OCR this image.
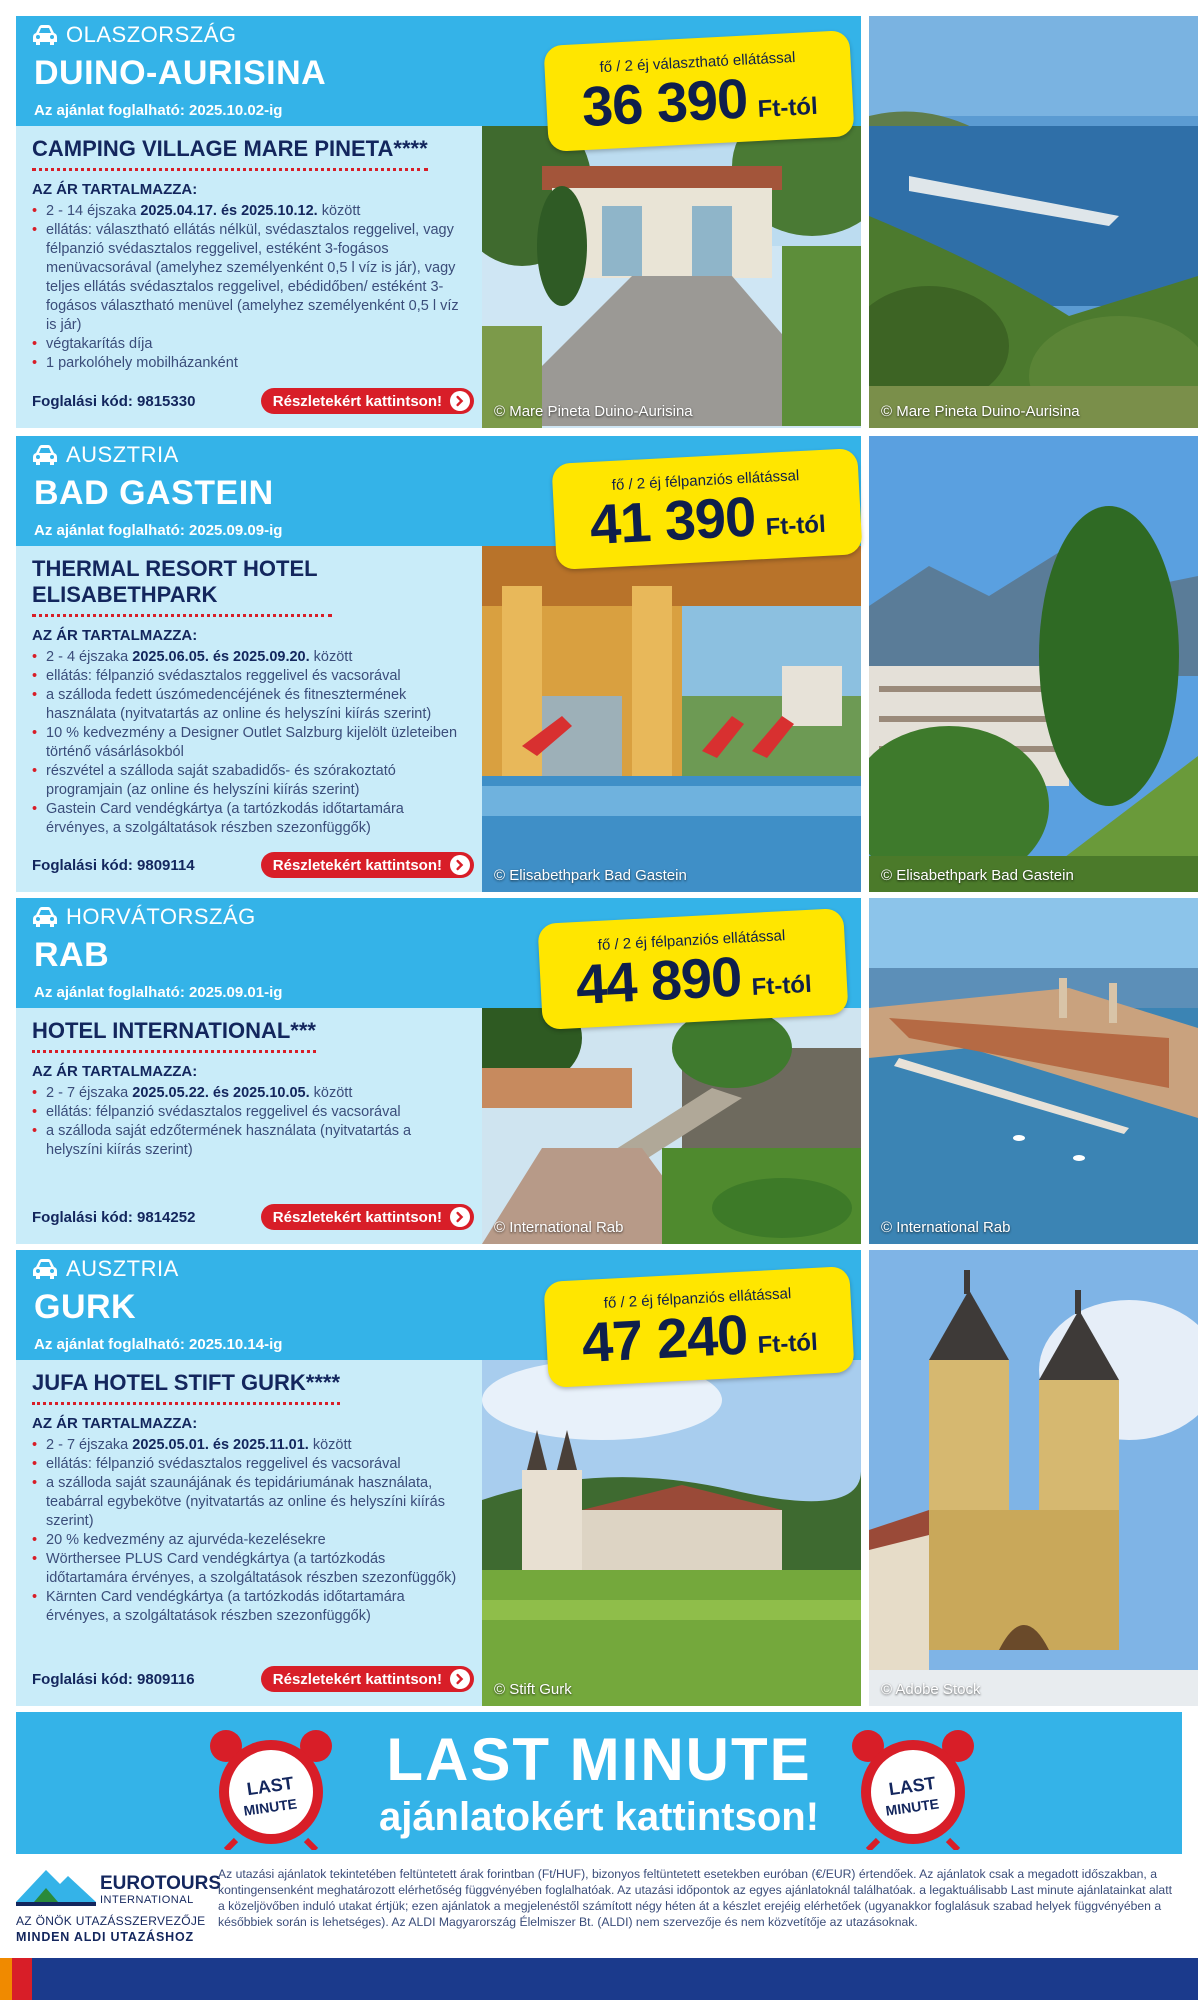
OLASZORSZÁG
DUINO-AURISINA
Az ajánlat foglalható: 2025.10.02-ig
CAMPING VILLAGE MARE PINETA****
AZ ÁR TARTALMAZZA:
• 2 - 14 éjszaka 2025.04.17. és 2025.10.12. között
• ellátás: választható ellátás nélkül, svédasztalos reggelivel, vagy félpanzió svédasztalos reggelivel, estéként 3-fogásos menüvacsorával (amelyhez személyenként 0,5 l víz is jár), vagy teljes ellátás svédasztalos reggelivel, ebédidőben/ estéként 3-fogásos választható menüvel (amelyhez személyenként 0,5 l víz is jár)
• végtakarítás díja
• 1 parkolóhely mobilházanként
Foglalási kód: 9815330	Részletekért kattintson!
© Mare Pineta Duino-Aurisina	© Mare Pineta Duino-Aurisina
fő / 2 éj választható ellátással
36 390 Ft-tól
AUSZTRIA
BAD GASTEIN
Az ajánlat foglalható: 2025.09.09-ig
THERMAL RESORT HOTEL ELISABETHPARK
AZ ÁR TARTALMAZZA:
• 2 - 4 éjszaka 2025.06.05. és 2025.09.20. között
• ellátás: félpanzió svédasztalos reggelivel és vacsorával
• a szálloda fedett úszómedencéjének és fitnesztermének használata (nyitvatartás az online és helyszíni kiírás szerint)
• 10 % kedvezmény a Designer Outlet Salzburg kijelölt üzleteiben történő vásárlásokból
• részvétel a szálloda saját szabadidős- és szórakoztató programjain (az online és helyszíni kiírás szerint)
• Gastein Card vendégkártya (a tartózkodás időtartamára érvényes, a szolgáltatások részben szezonfüggők)
Foglalási kód: 9809114	Részletekért kattintson!
© Elisabethpark Bad Gastein	© Elisabethpark Bad Gastein
fő / 2 éj félpanziós ellátással
41 390 Ft-tól
HORVÁTORSZÁG
RAB
Az ajánlat foglalható: 2025.09.01-ig
HOTEL INTERNATIONAL***
AZ ÁR TARTALMAZZA:
• 2 - 7 éjszaka 2025.05.22. és 2025.10.05. között
• ellátás: félpanzió svédasztalos reggelivel és vacsorával
• a szálloda saját edzőtermének használata (nyitvatartás a helyszíni kiírás szerint)
Foglalási kód: 9814252	Részletekért kattintson!
© International Rab	© International Rab
fő / 2 éj félpanziós ellátással
44 890 Ft-tól
AUSZTRIA
GURK
Az ajánlat foglalható: 2025.10.14-ig
JUFA HOTEL STIFT GURK****
AZ ÁR TARTALMAZZA:
• 2 - 7 éjszaka 2025.05.01. és 2025.11.01. között
• ellátás: félpanzió svédasztalos reggelivel és vacsorával
• a szálloda saját szaunájának és tepidáriumának használata, teabárral egybekötve (nyitvatartás az online és helyszíni kiírás szerint)
• 20 % kedvezmény az ajurvéda-kezelésekre
• Wörthersee PLUS Card vendégkártya (a tartózkodás időtartamára érvényes, a szolgáltatások részben szezonfüggők)
• Kärnten Card vendégkártya (a tartózkodás időtartamára érvényes, a szolgáltatások részben szezonfüggők)
Foglalási kód: 9809116	Részletekért kattintson!
© Stift Gurk	© Adobe Stock
fő / 2 éj félpanziós ellátással
47 240 Ft-tól
LAST
MINUTE
LAST MINUTE
ajánlatokért kattintson!
LAST
MINUTE
EUROTOURS
INTERNATIONAL
AZ ÖNÖK UTAZÁSSZERVEZŐJE
MINDEN ALDI UTAZÁSHOZ
Az utazási ajánlatok tekintetében feltüntetett árak forintban (Ft/HUF), bizonyos feltüntetett esetekben euróban (€/EUR) értendőek. Az ajánlatok csak a megadott időszakban, a kontingensenként meghatározott elérhetőség függvényében foglalhatóak. Az utazási időpontok az egyes ajánlatoknál találhatóak. a legaktuálisabb Last minute ajánlatainkat alatt a közeljövőben induló utakat értjük; ezen ajánlatok a megjelenéstől számított négy héten át a készlet erejéig elérhetőek (ugyanakkor foglalásuk szabad helyek függvényében a későbbiek során is lehetséges). Az ALDI Magyarország Élelmiszer Bt. (ALDI) nem szervezője és nem közvetítője az utazásoknak.
